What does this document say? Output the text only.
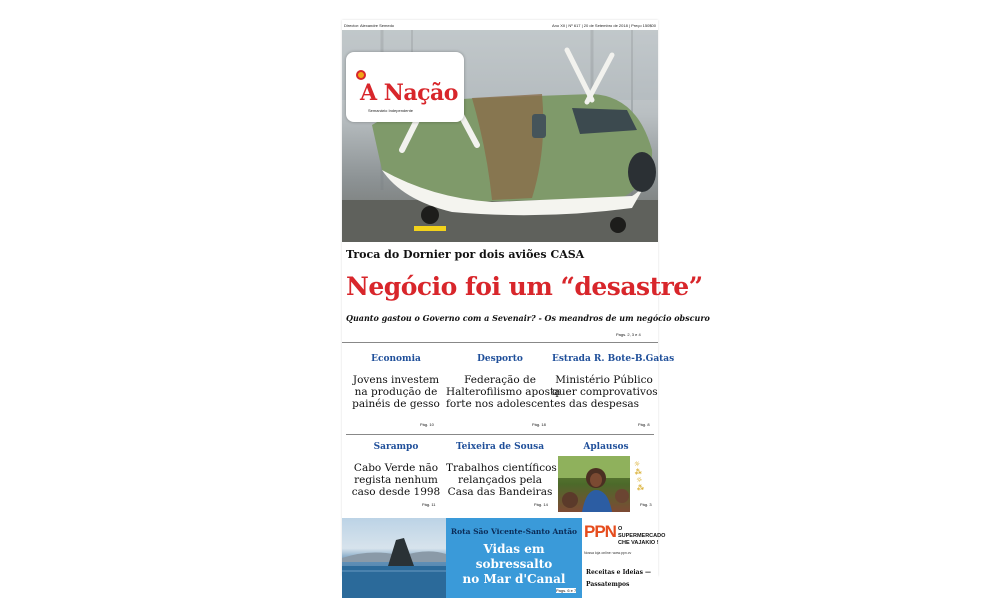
Director: Alexandre Semedo	Ano XII | Nº 617 | 20 de Setembro de 2018 | Preço 150$00
A Nação
Semanário Independente
Troca do Dornier por dois aviões CASA
Negócio foi um “desastre”
Quanto gastou o Governo com a Sevenair? - Os meandros de um negócio obscuro
Pags. 2, 3 e 4
Economia
Jovens investem
na produção de
painéis de gesso
Pág. 10
Desporto
Federação de
Halterofilismo aposta
forte nos adolescentes
Pág. 18
Estrada R. Bote-B.Gatas
Ministério Público
quer comprovativos
das despesas
Pág. 8
Sarampo
Cabo Verde não
regista nenhum
caso desde 1998
Pág. 11
Teixeira de Sousa
Trabalhos científicos
relançados pela
Casa das Bandeiras
Pág. 14
Aplausos
☼
⁂
☼
⁂
Pág. 3
Rota São Vicente-Santo Antão
Vidas em sobressalto
no Mar d'Canal
Pags. 6 e 7
PPN O SUPERMERCADO
CHE VAJAKIO !
Nossa loja online: www.ppn.cv
Receitas e Ideias —
Passatempos
